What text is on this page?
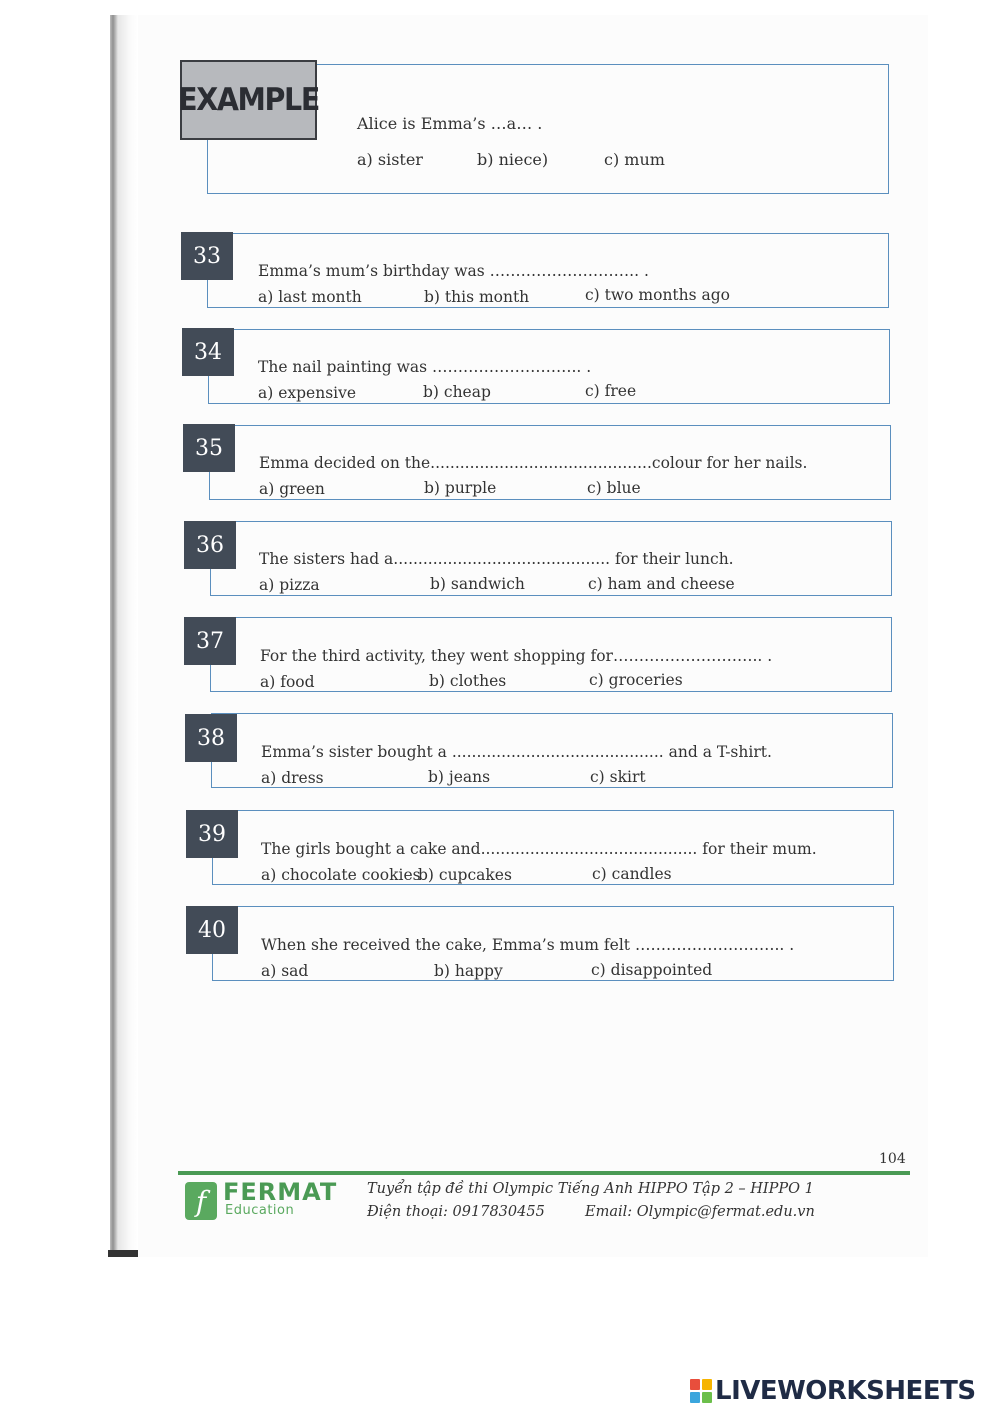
EXAMPLE
Alice is Emma’s …a… .
a) sister	b) niece)	c) mum
33
Emma’s mum’s birthday was ……………………….. .
a) last month	b) this month	c) two months ago
34
The nail painting was ……………………….. .
a) expensive	b) cheap	c) free
35
Emma decided on the.............................................colour for her nails.
a) green	b) purple	c) blue
36
The sisters had a............................................ for their lunch.
a) pizza	b) sandwich	c) ham and cheese
37
For the third activity, they went shopping for……………………….. .
a) food	b) clothes	c) groceries
38
Emma’s sister bought a ........................................... and a T-shirt.
a) dress	b) jeans	c) skirt
39
The girls bought a cake and............................................ for their mum.
a) chocolate cookies
b) cupcakes	c) candles
40
When she received the cake, Emma’s mum felt ……………………….. .
a) sad	b) happy	c) disappointed
104
f FERMAT
Education
Tuyển tập đề thi Olympic Tiếng Anh HIPPO Tập 2 – HIPPO 1
Điện thoại: 0917830455	Email: Olympic@fermat.edu.vn
LIVEWORKSHEETS
